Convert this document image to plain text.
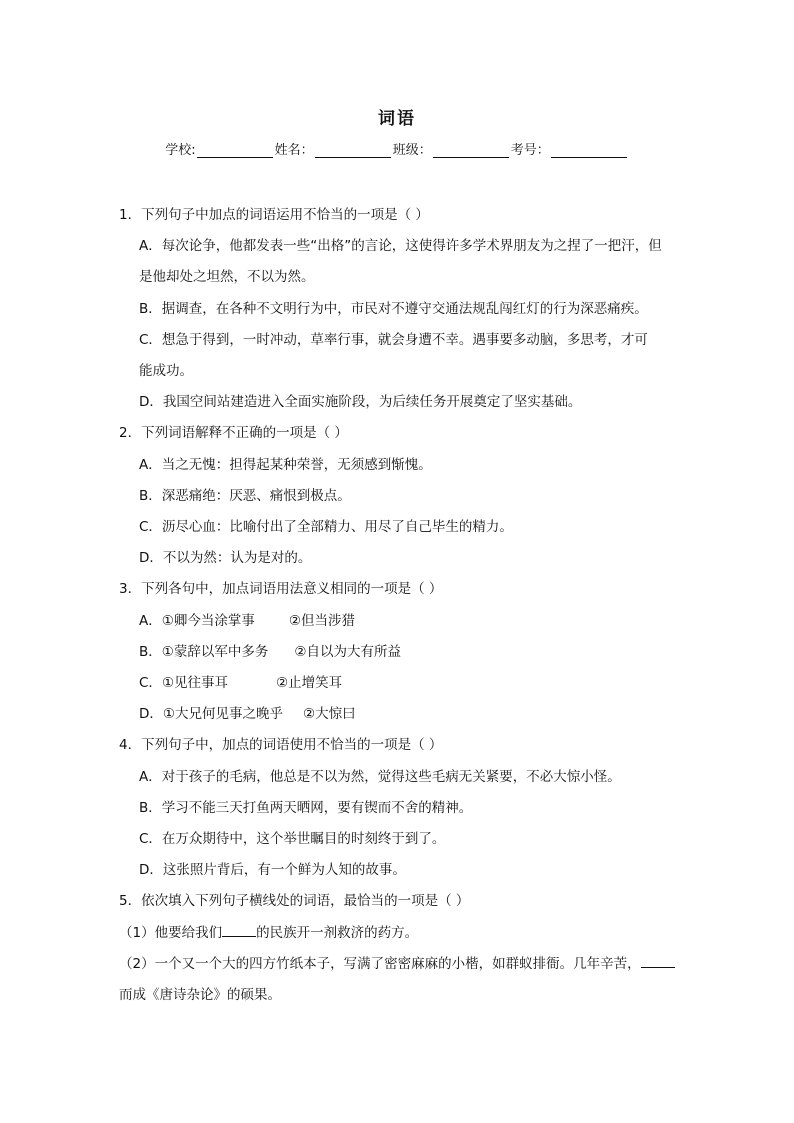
词语
学校:	姓名：	班级：	考号：
1．下列句子中加点的词语运用不恰当的一项是（ ）
A．每次论争，他都发表一些“出格”的言论，这使得许多学术界朋友为之捏了一把汗，但
是他却处之坦然，不以为然。
B．据调查，在各种不文明行为中，市民对不遵守交通法规乱闯红灯的行为深恶痛疾。
C．想急于得到，一时冲动，草率行事，就会身遭不幸。遇事要多动脑，多思考，才可
能成功。
D．我国空间站建造进入全面实施阶段，为后续任务开展奠定了坚实基础。
2．下列词语解释不正确的一项是（ ）
A．当之无愧：担得起某种荣誉，无须感到惭愧。
B．深恶痛绝：厌恶、痛恨到极点。
C．沥尽心血：比喻付出了全部精力、用尽了自己毕生的精力。
D．不以为然：认为是对的。
3．下列各句中，加点词语用法意义相同的一项是（ ）
A．①卿今当涂掌事	②但当涉猎
B．①蒙辞以军中多务 ②自以为大有所益
C．①见往事耳	②止增笑耳
D．①大兄何见事之晚乎 ②大惊曰
4．下列句子中，加点的词语使用不恰当的一项是（ ）
A．对于孩子的毛病，他总是不以为然，觉得这些毛病无关紧要，不必大惊小怪。
B．学习不能三天打鱼两天晒网，要有锲而不舍的精神。
C．在万众期待中，这个举世瞩目的时刻终于到了。
D．这张照片背后，有一个鲜为人知的故事。
5．依次填入下列句子横线处的词语，最恰当的一项是（ ）
（1）他要给我们	的民族开一剂救济的药方。
（2）一个又一个大的四方竹纸本子，写满了密密麻麻的小楷，如群蚁排衙。几年辛苦，
而成《唐诗杂论》的硕果。
